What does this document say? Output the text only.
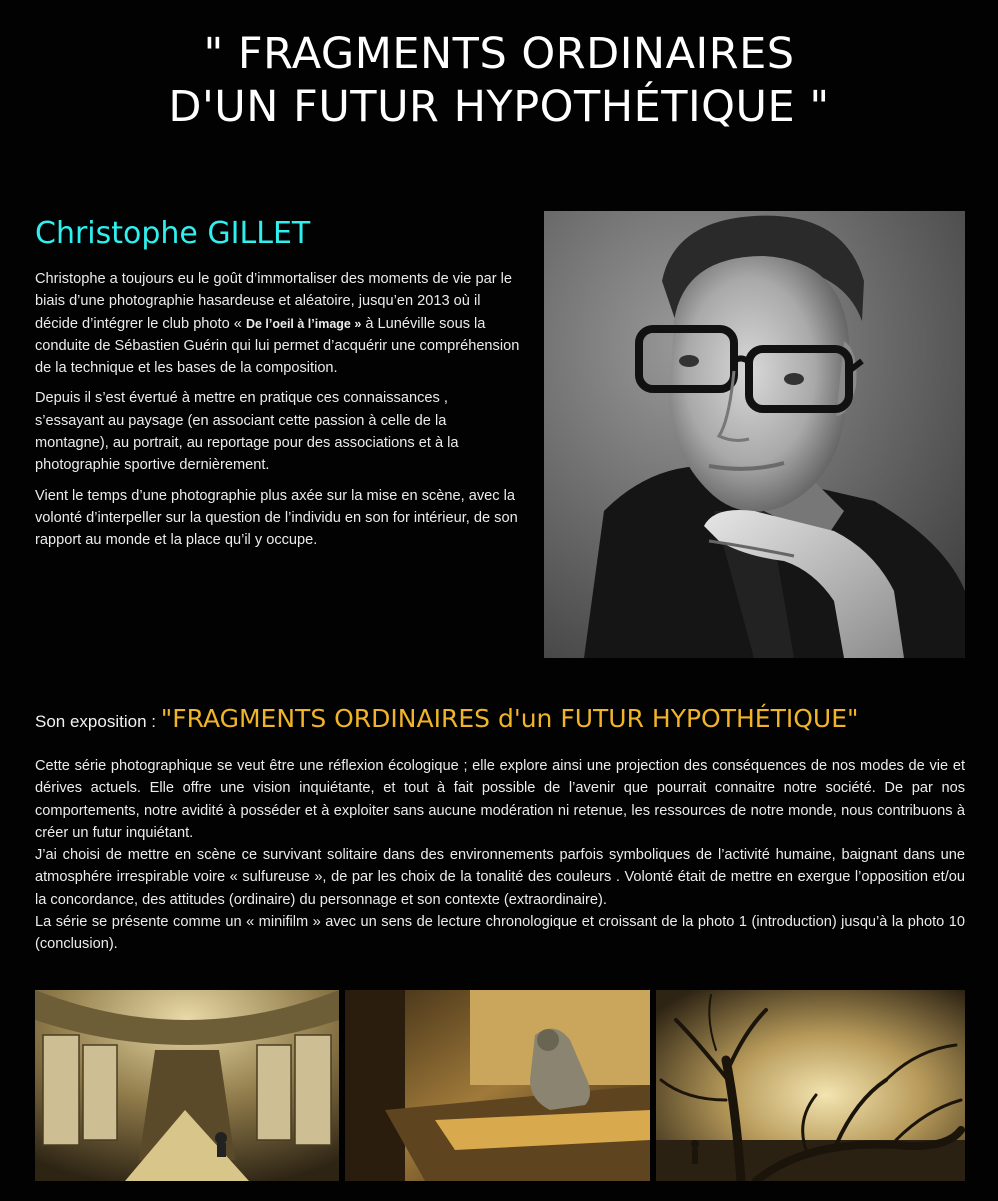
" FRAGMENTS ORDINAIRES
D'UN FUTUR HYPOTHÉTIQUE "
Christophe GILLET

Christophe a toujours eu le goût d’immortaliser des moments de vie par le biais d’une photographie hasardeuse et aléatoire, jusqu’en 2013 où il décide d’intégrer le club photo « De l’oeil à l’image » à Lunéville sous la conduite de Sébastien Guérin qui lui permet d’acquérir une compréhension de la technique et les bases de la composition.

Depuis il s’est évertué à mettre en pratique ces connaissances , s’essayant au paysage (en associant cette passion à celle de la montagne), au portrait, au reportage pour des associations et à la photographie sportive dernièrement.

Vient le temps d’une photographie plus axée sur la mise en scène, avec la volonté d’interpeller sur la question de l’individu en son for intérieur, de son rapport au monde et la place qu’il y occupe.

Son exposition : "FRAGMENTS ORDINAIRES d'un FUTUR HYPOTHÉTIQUE"

Cette série photographique se veut être une réflexion écologique ; elle explore ainsi une projection des conséquences de nos modes de vie et dérives actuels. Elle offre une vision inquiétante, et tout à fait possible de l’avenir que pourrait connaitre notre société. De par nos comportements, notre avidité à posséder et à exploiter sans aucune modération ni retenue, les ressources de notre monde, nous contribuons à créer un futur inquiétant.

J’ai choisi de mettre en scène ce survivant solitaire dans des environnements parfois symboliques de l’activité humaine, baignant dans une atmosphére irrespirable voire « sulfureuse », de par les choix de la tonalité des couleurs . Volonté était de mettre en exergue l’opposition et/ou la concordance, des attitudes (ordinaire) du personnage et son contexte (extraordinaire).

La série se présente comme un « minifilm » avec un sens de lecture chronologique et croissant de la photo 1 (introduction) jusqu’à la photo 10 (conclusion).
